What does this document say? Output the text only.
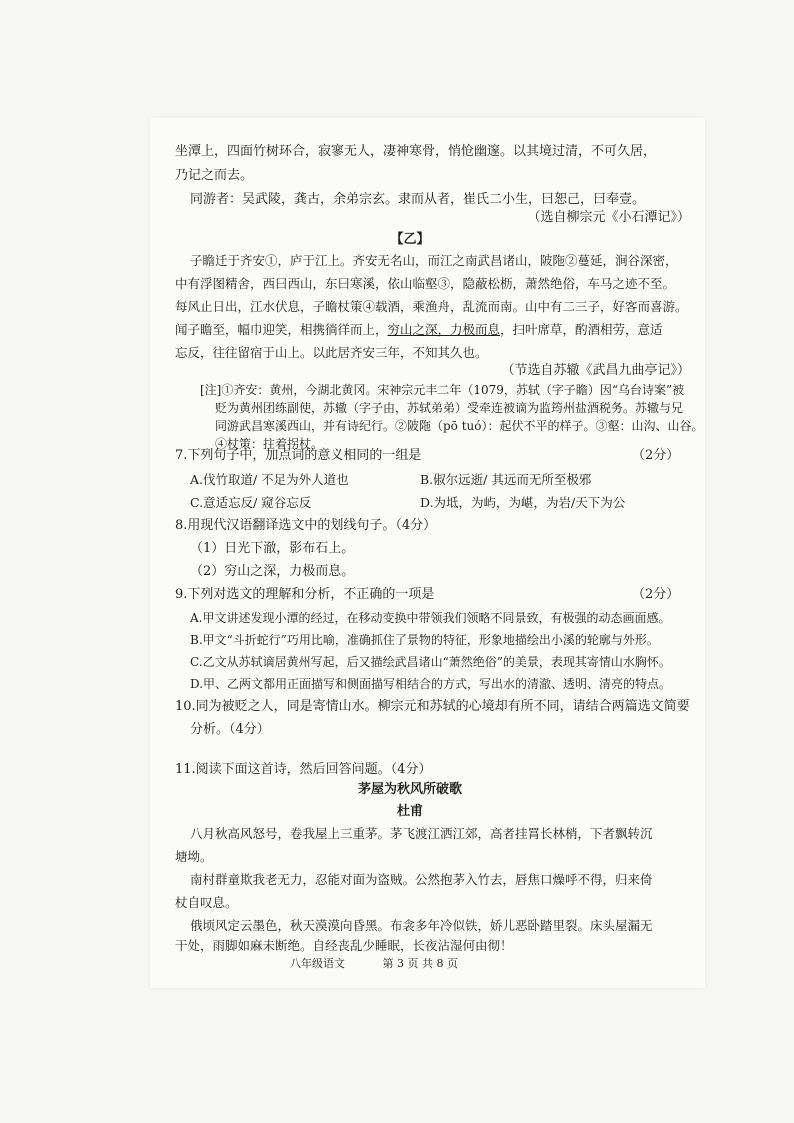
坐潭上，四面竹树环合，寂寥无人，凄神寒骨，悄怆幽邃。以其境过清，不可久居，

乃记之而去。

同游者：吴武陵，龚古，余弟宗玄。隶而从者，崔氏二小生，曰恕己，曰奉壹。

（选自柳宗元《小石潭记》）

【乙】

子瞻迁于齐安①，庐于江上。齐安无名山，而江之南武昌诸山，陂陁②蔓延，涧谷深密，

中有浮图精舍，西曰西山，东曰寒溪，依山临壑③，隐蔽松枥，萧然绝俗，车马之迹不至。

每风止日出，江水伏息，子瞻杖策④载酒，乘渔舟，乱流而南。山中有二三子，好客而喜游。

闻子瞻至，幅巾迎笑，相携徜徉而上，穷山之深，力极而息，扫叶席草，酌酒相劳，意适

忘反，往往留宿于山上。以此居齐安三年，不知其久也。

（节选自苏辙《武昌九曲亭记》）

[注]①齐安：黄州，今湖北黄冈。宋神宗元丰二年（1079，苏轼（字子瞻）因“乌台诗案”被

贬为黄州团练副使，苏辙（字子由，苏轼弟弟）受牵连被谪为监筠州盐酒税务。苏辙与兄

同游武昌寒溪西山，并有诗纪行。②陂陁（pō tuó）：起伏不平的样子。③壑：山沟、山谷。

④杖策：拄着拐杖。

7.下列句子中，加点词的意义相同的一组是	（2分）

A.伐竹取道/ 不足为外人道也	B.俶尔远逝/ 其远而无所至极邪
C.意适忘反/ 窥谷忘反	D.为坻，为屿，为嵁，为岩/天下为公

8.用现代汉语翻译选文中的划线句子。（4分）

（1）日光下澈，影布石上。

（2）穷山之深，力极而息。

9.下列对选文的理解和分析，不正确的一项是	（2分）

A.甲文讲述发现小潭的经过，在移动变换中带领我们领略不同景致，有极强的动态画面感。
B.甲文“斗折蛇行”巧用比喻，准确抓住了景物的特征，形象地描绘出小溪的轮廓与外形。
C.乙文从苏轼谪居黄州写起，后又描绘武昌诸山“萧然绝俗”的美景，表现其寄情山水胸怀。
D.甲、乙两文都用正面描写和侧面描写相结合的方式，写出水的清澈、透明、清亮的特点。

10.同为被贬之人，同是寄情山水。柳宗元和苏轼的心境却有所不同，请结合两篇选文简要

分析。（4分）

11.阅读下面这首诗，然后回答问题。（4分）

茅屋为秋风所破歌

杜甫

八月秋高风怒号，卷我屋上三重茅。茅飞渡江洒江郊，高者挂罥长林梢，下者飘转沉

塘坳。

南村群童欺我老无力，忍能对面为盗贼。公然抱茅入竹去，唇焦口燥呼不得，归来倚

杖自叹息。

俄顷风定云墨色，秋天漠漠向昏黑。布衾多年冷似铁，娇儿恶卧踏里裂。床头屋漏无

干处，雨脚如麻未断绝。自经丧乱少睡眠，长夜沾湿何由彻！

八年级语文	第 3 页 共 8 页
